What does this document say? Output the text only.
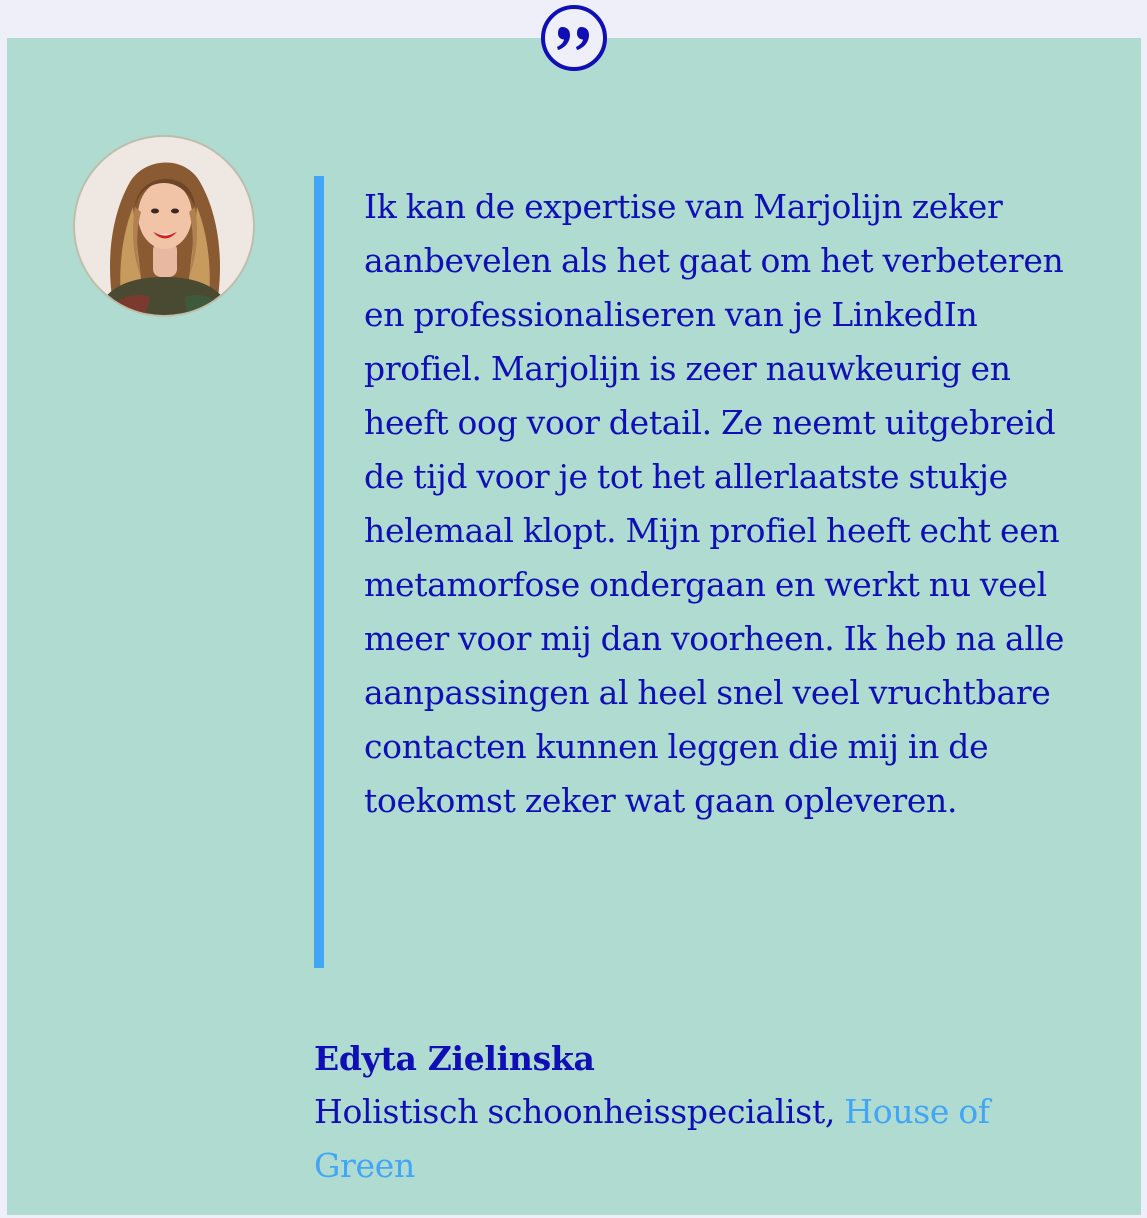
Ik kan de expertise van Marjolijn zeker aanbevelen als het gaat om het verbeteren en professionaliseren van je LinkedIn profiel. Marjolijn is zeer nauwkeurig en heeft oog voor detail. Ze neemt uitgebreid de tijd voor je tot het allerlaatste stukje helemaal klopt. Mijn profiel heeft echt een metamorfose ondergaan en werkt nu veel meer voor mij dan voorheen. Ik heb na alle aanpassingen al heel snel veel vruchtbare contacten kunnen leggen die mij in de toekomst zeker wat gaan opleveren.

Edyta Zielinska
Holistisch schoonheisspecialist, House of Green
